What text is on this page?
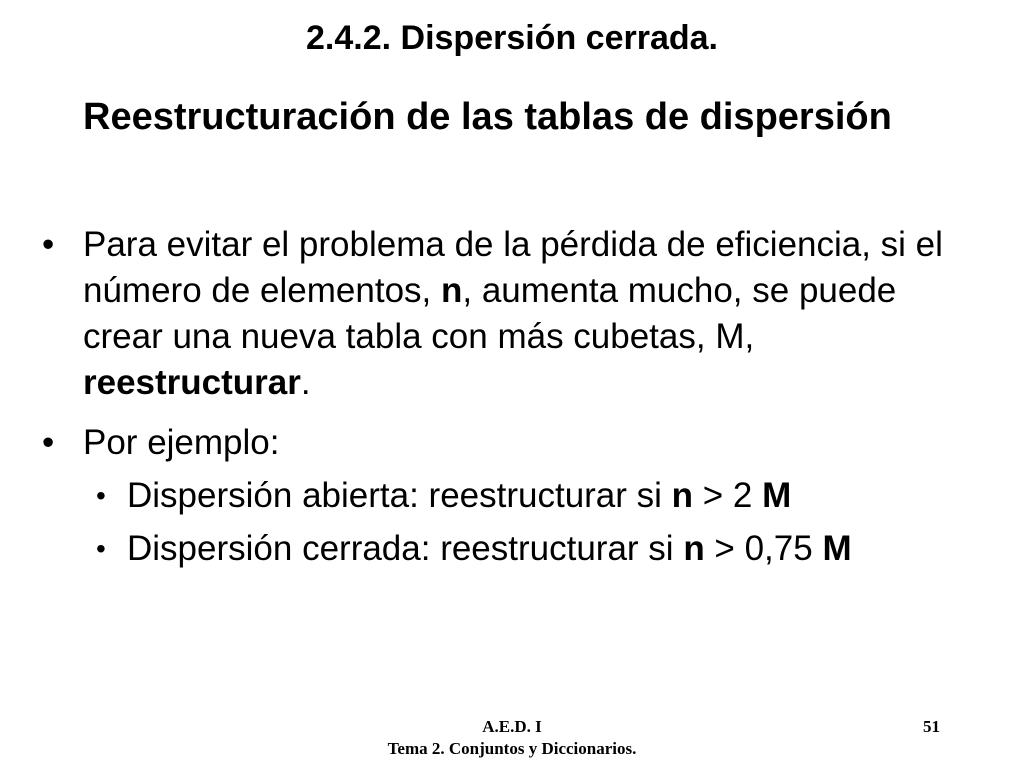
2.4.2. Dispersión cerrada.
Reestructuración de las tablas de dispersión
• Para evitar el problema de la pérdida de eficiencia, si el número de elementos, n, aumenta mucho, se puede crear una nueva tabla con más cubetas, M, reestructurar.
• Por ejemplo:
• Dispersión abierta: reestructurar si n > 2 M
• Dispersión cerrada: reestructurar si n > 0,75 M
A.E.D. I
Tema 2. Conjuntos y Diccionarios.
51
